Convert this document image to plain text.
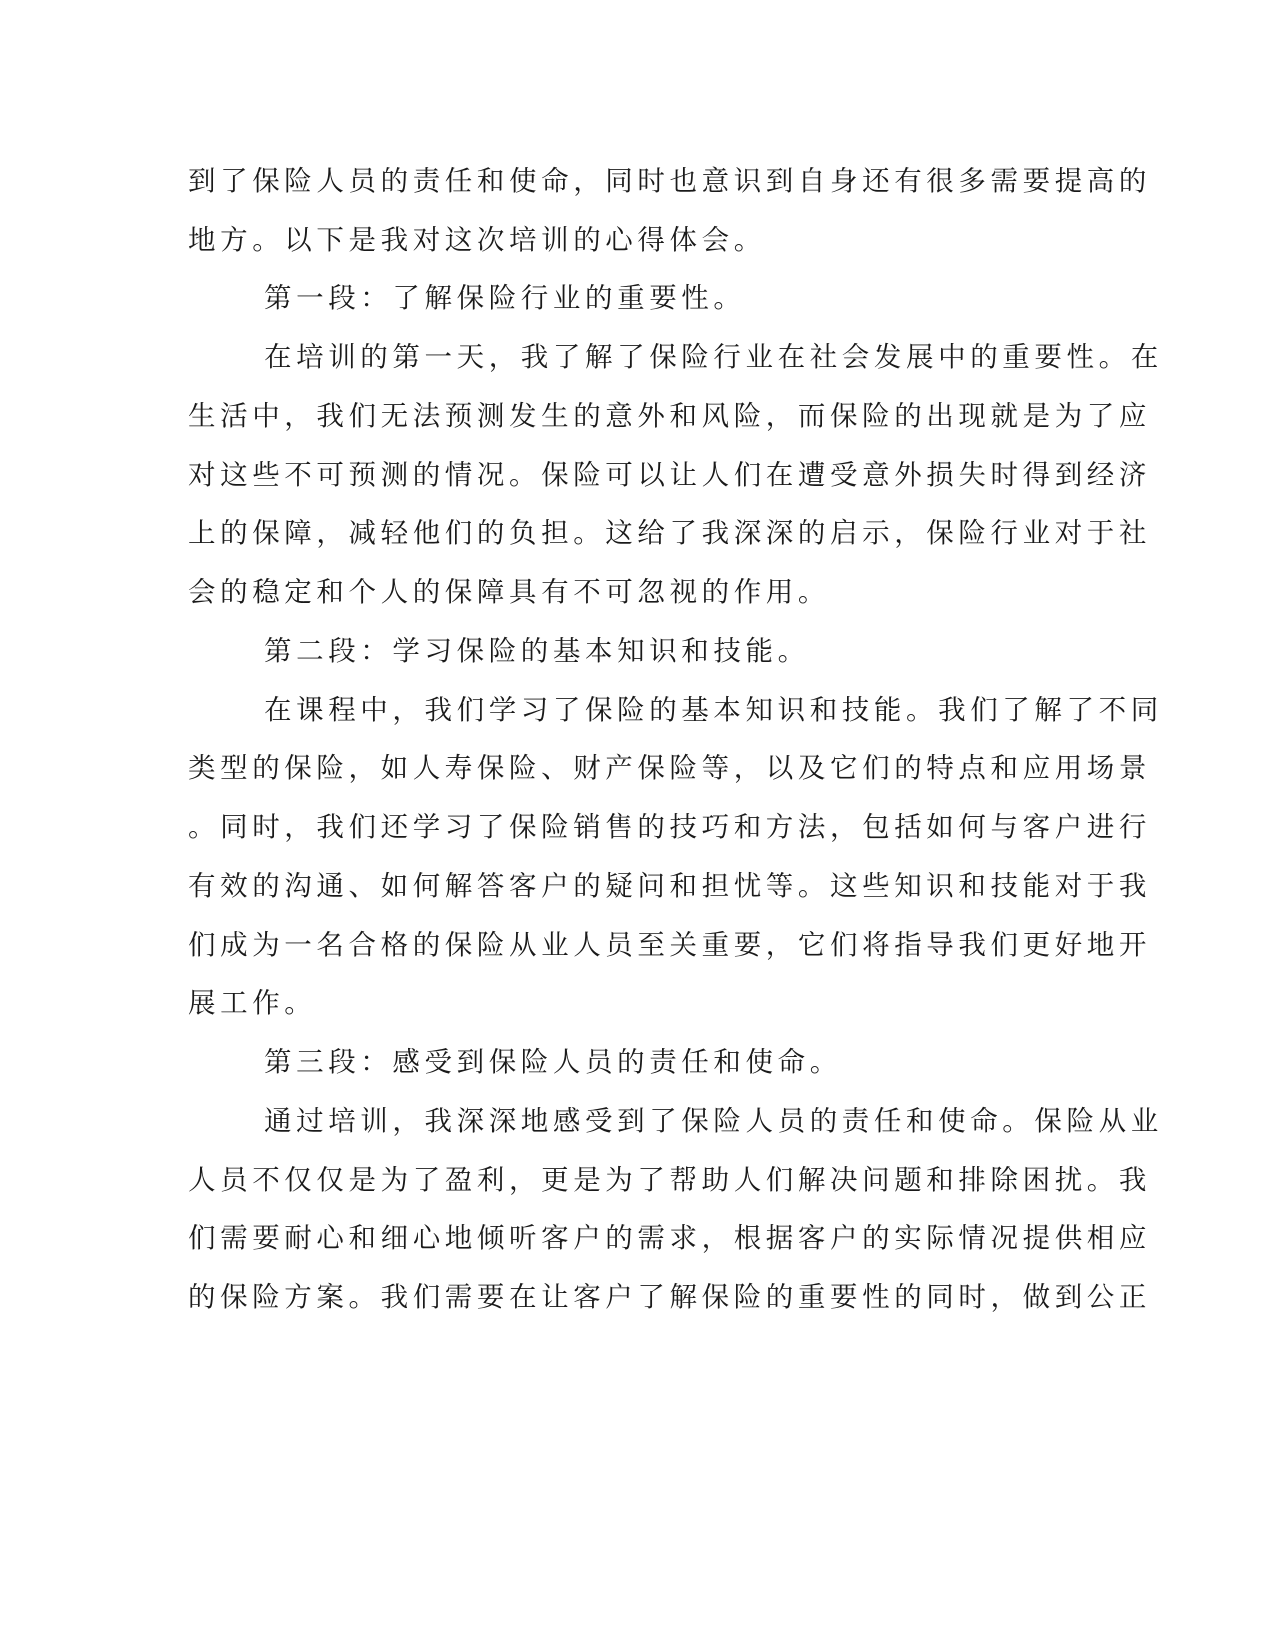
到了保险人员的责任和使命，同时也意识到自身还有很多需要提高的
地方。以下是我对这次培训的心得体会。
第一段：了解保险行业的重要性。
在培训的第一天，我了解了保险行业在社会发展中的重要性。在
生活中，我们无法预测发生的意外和风险，而保险的出现就是为了应
对这些不可预测的情况。保险可以让人们在遭受意外损失时得到经济
上的保障，减轻他们的负担。这给了我深深的启示，保险行业对于社
会的稳定和个人的保障具有不可忽视的作用。
第二段：学习保险的基本知识和技能。
在课程中，我们学习了保险的基本知识和技能。我们了解了不同
类型的保险，如人寿保险、财产保险等，以及它们的特点和应用场景
。同时，我们还学习了保险销售的技巧和方法，包括如何与客户进行
有效的沟通、如何解答客户的疑问和担忧等。这些知识和技能对于我
们成为一名合格的保险从业人员至关重要，它们将指导我们更好地开
展工作。
第三段：感受到保险人员的责任和使命。
通过培训，我深深地感受到了保险人员的责任和使命。保险从业
人员不仅仅是为了盈利，更是为了帮助人们解决问题和排除困扰。我
们需要耐心和细心地倾听客户的需求，根据客户的实际情况提供相应
的保险方案。我们需要在让客户了解保险的重要性的同时，做到公正
